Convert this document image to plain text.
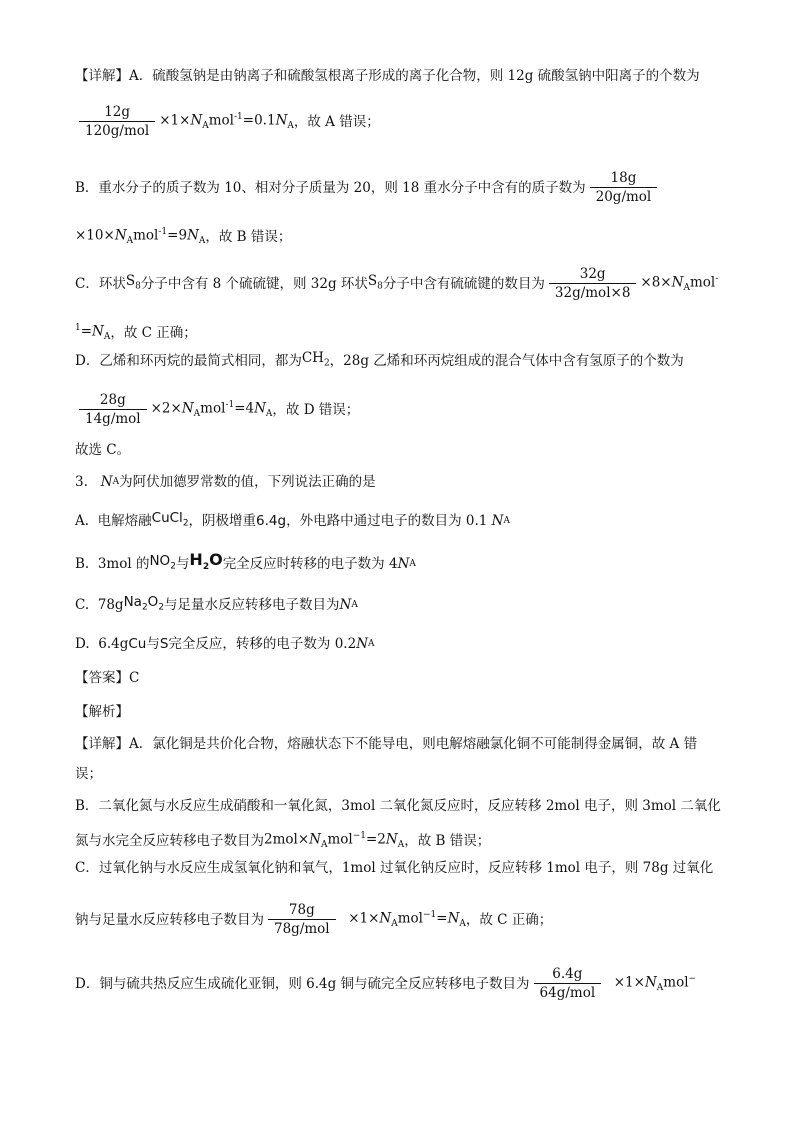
【详解】A．硫酸氢钠是由钠离子和硫酸氢根离子形成的离子化合物，则 12g 硫酸氢钠中阳离子的个数为
$\frac{12g}{\text{120g/mol}} \times 1\times N_Amol^{-1}=0.1N_A$ ，故 A 错误；
B．重水分子的质子数为 10、相对分子质量为 20，则 18 重水分子中含有的质子数为 $\frac{18g}{\text{20g/mol}}$
$\times 10\times N_Amol^{-1}=9N_A$ ，故 B 错误；
C．环状 $S_8$ 分子中含有 8 个硫硫键，则 32g 环状 $S_8$ 分子中含有硫硫键的数目为 $\frac{32g}{\text{32g/mol×8}} \times 8\times N_Amol^-$
$^1=N_A$ ，故 C 正确；
D．乙烯和环丙烷的最简式相同，都为 $CH_2$ ，28g 乙烯和环丙烷组成的混合气体中含有氢原子的个数为
$\frac{28g}{\text{14g/mol}} \times 2\times N_Amol^{-1}=4N_A$ ，故 D 错误；
故选 C。
3.
N A 为阿伏加德罗常数的值，下列说法正确的是
A.
电解熔融 CuCl$_2$ ，阴极增重 6.4g ，外电路中通过电子的数目为 0.1
N A
B.
3mol 的 $NO_2$ 与 $H_2O$ 完全反应时转移的电子数为 4 N A
C.
78g $Na_2O_2$ 与足量水反应转移电子数目为 N A
D.
6.4g Cu 与 S 完全反应，转移的电子数为 0.2 N A
【答案】C
【解析】
【详解】A．氯化铜是共价化合物，熔融状态下不能导电，则电解熔融氯化铜不可能制得金属铜，故 A 错
误；
B．二氧化氮与水反应生成硝酸和一氧化氮，3mol 二氧化氮反应时，反应转移 2mol 电子，则 3mol 二氧化
氮与水完全反应转移电子数目为 $2mol\times N_Amol^{-1}=2N_A$ ，故 B 错误；
C．过氧化钠与水反应生成氢氧化钠和氧气，1mol 过氧化钠反应时，反应转移 1mol 电子，则 78g 过氧化
钠与足量水反应转移电子数目为 $\frac{78g}{\text{78g/mol}} \times 1\times N_Amol^{-1}=N_A$ ，故 C 正确；
D．铜与硫共热反应生成硫化亚铜，则 6.4g 铜与硫完全反应转移电子数目为 $\frac{6.4g}{\text{64g/mol}} \times 1\times N_Amol^-$
